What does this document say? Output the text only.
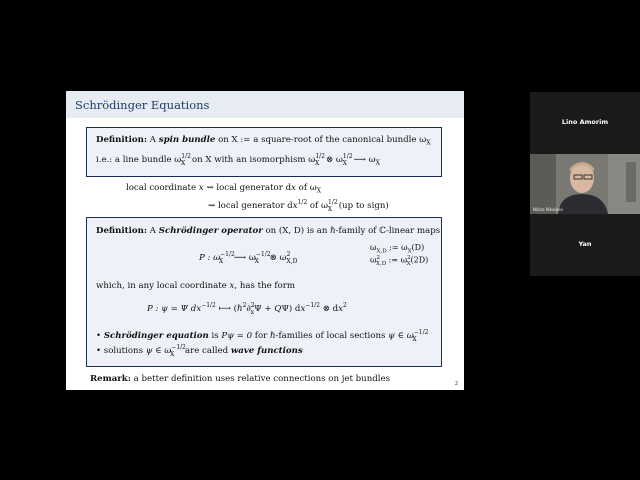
Schrödinger Equations
Definition: A spin bundle on X := a square-root of the canonical bundle $\omega_X$
i.e.: a line bundle $\omega^{1/2}_X$ on X with an isomorphism $\omega^{1/2}_X$ ⊗ $\omega^{1/2}_X$ ⟶ $\omega_X$
local coordinate x ⇝ local generator dx of $\omega_X$
⇝ local generator $dx^{1/2}$ of $\omega^{1/2}_X$ (up to sign)
Definition: A Schrödinger operator on (X, D) is an ℏ-family of ℂ-linear maps
P : $\omega^{-1/2}_X$ ⟶ $\omega^{-1/2}_X$ ⊗ $\omega^2_{X,D}$
$\omega_{X,D}$ := $\omega_X(D)$
$\omega^2_{X,D}$ := $\omega^2_X(2D)$
which, in any local coordinate x, has the form
P : ψ = Ψ $dx^{-1/2}$ ⟼ (ℏ$^2$∂$^2_x$Ψ + QΨ) $dx^{-1/2}$ ⊗ $dx^2$
• Schrödinger equation is Pψ = 0 for ℏ-families of local sections ψ ∈ $\omega^{-1/2}_X$
• solutions ψ ∈ $\omega^{-1/2}_X$ are called wave functions
Remark: a better definition uses relative connections on jet bundles	2
Lino Amorim
Nikita Nikolaev
Yan
